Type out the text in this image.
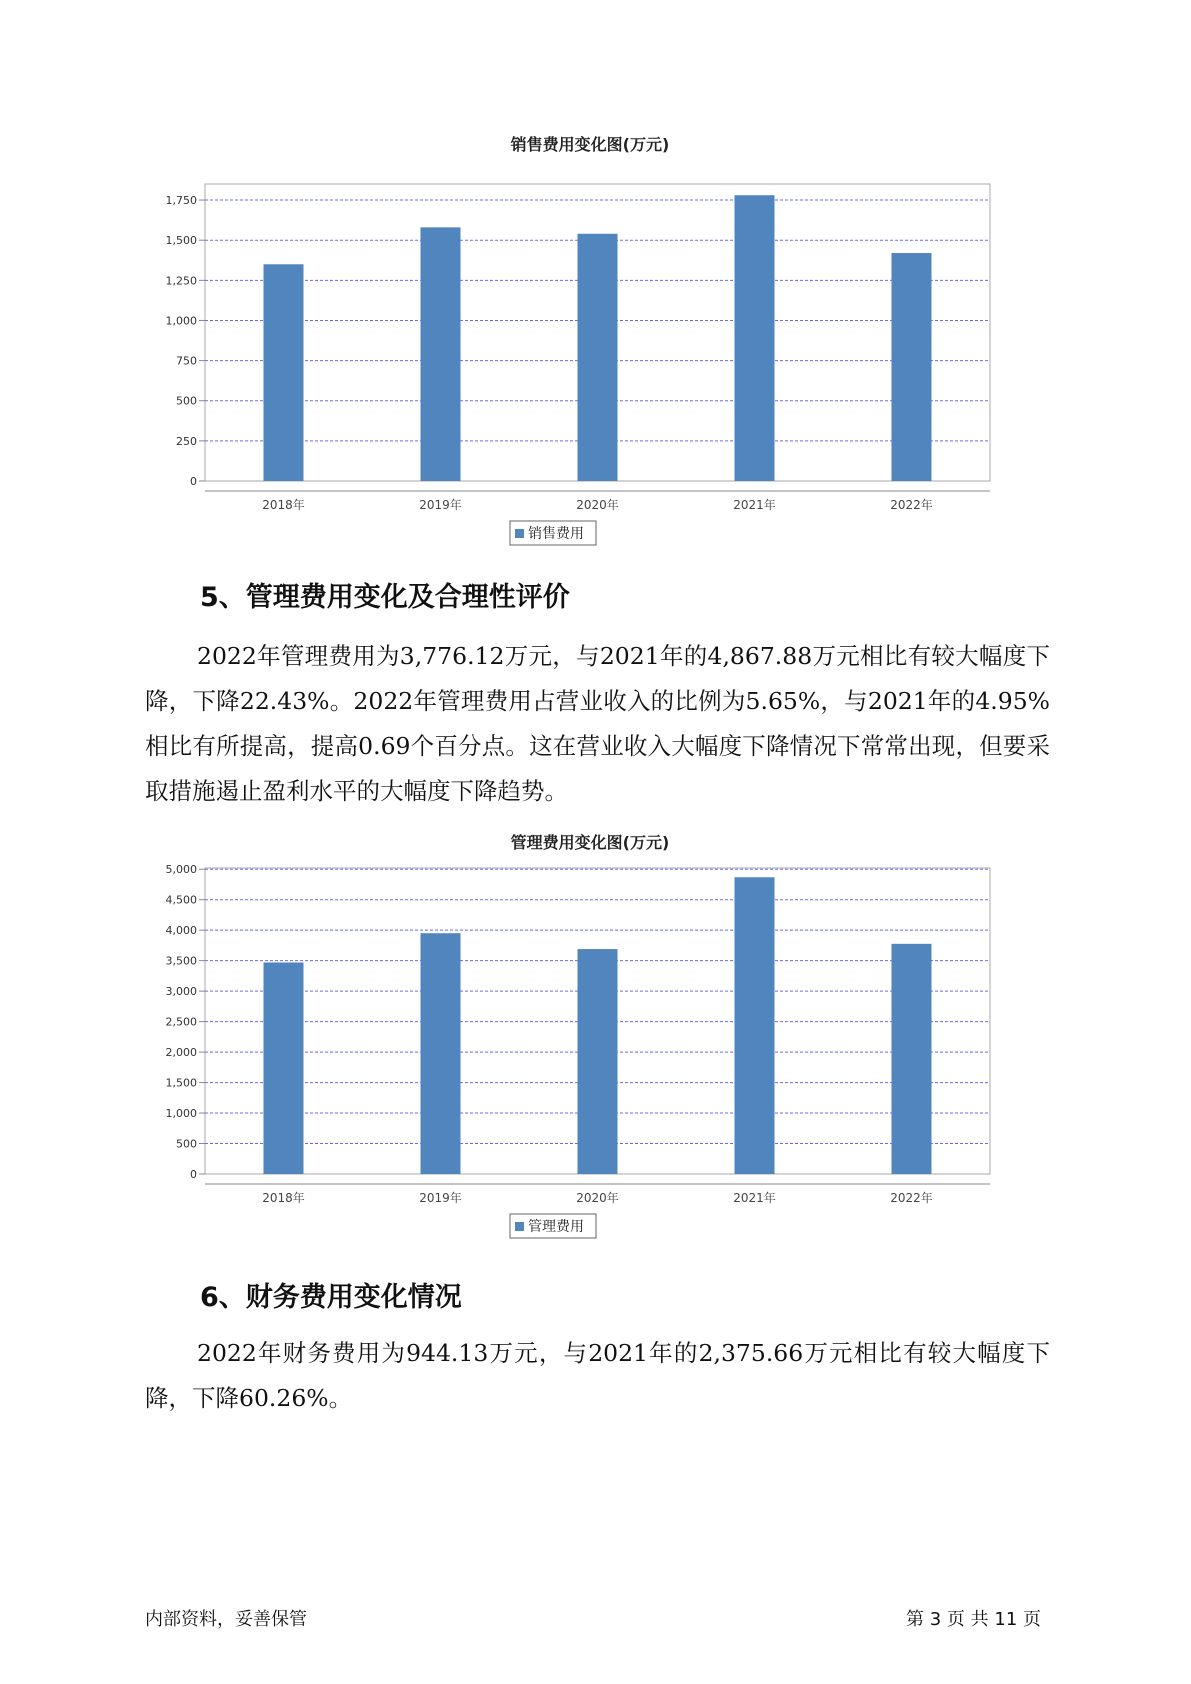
销售费用变化图(万元)
0
250
500
750
1,000
1,250
1,500
1,750
2018年	2019年	2020年	2021年	2022年
销售费用
5、管理费用变化及合理性评价

2022年管理费用为3,776.12万元，与2021年的4,867.88万元相比有较大幅度下降，下降22.43%。2022年管理费用占营业收入的比例为5.65%，与2021年的4.95%相比有所提高，提高0.69个百分点。这在营业收入大幅度下降情况下常常出现，但要采取措施遏止盈利水平的大幅度下降趋势。

管理费用变化图(万元)
0
500
1,000
1,500
2,000
2,500
3,000
3,500
4,000
4,500
5,000
2018年	2019年	2020年	2021年	2022年
管理费用
6、财务费用变化情况

2022年财务费用为944.13万元，与2021年的2,375.66万元相比有较大幅度下降，下降60.26%。

内部资料，妥善保管	第 3 页 共 11 页
